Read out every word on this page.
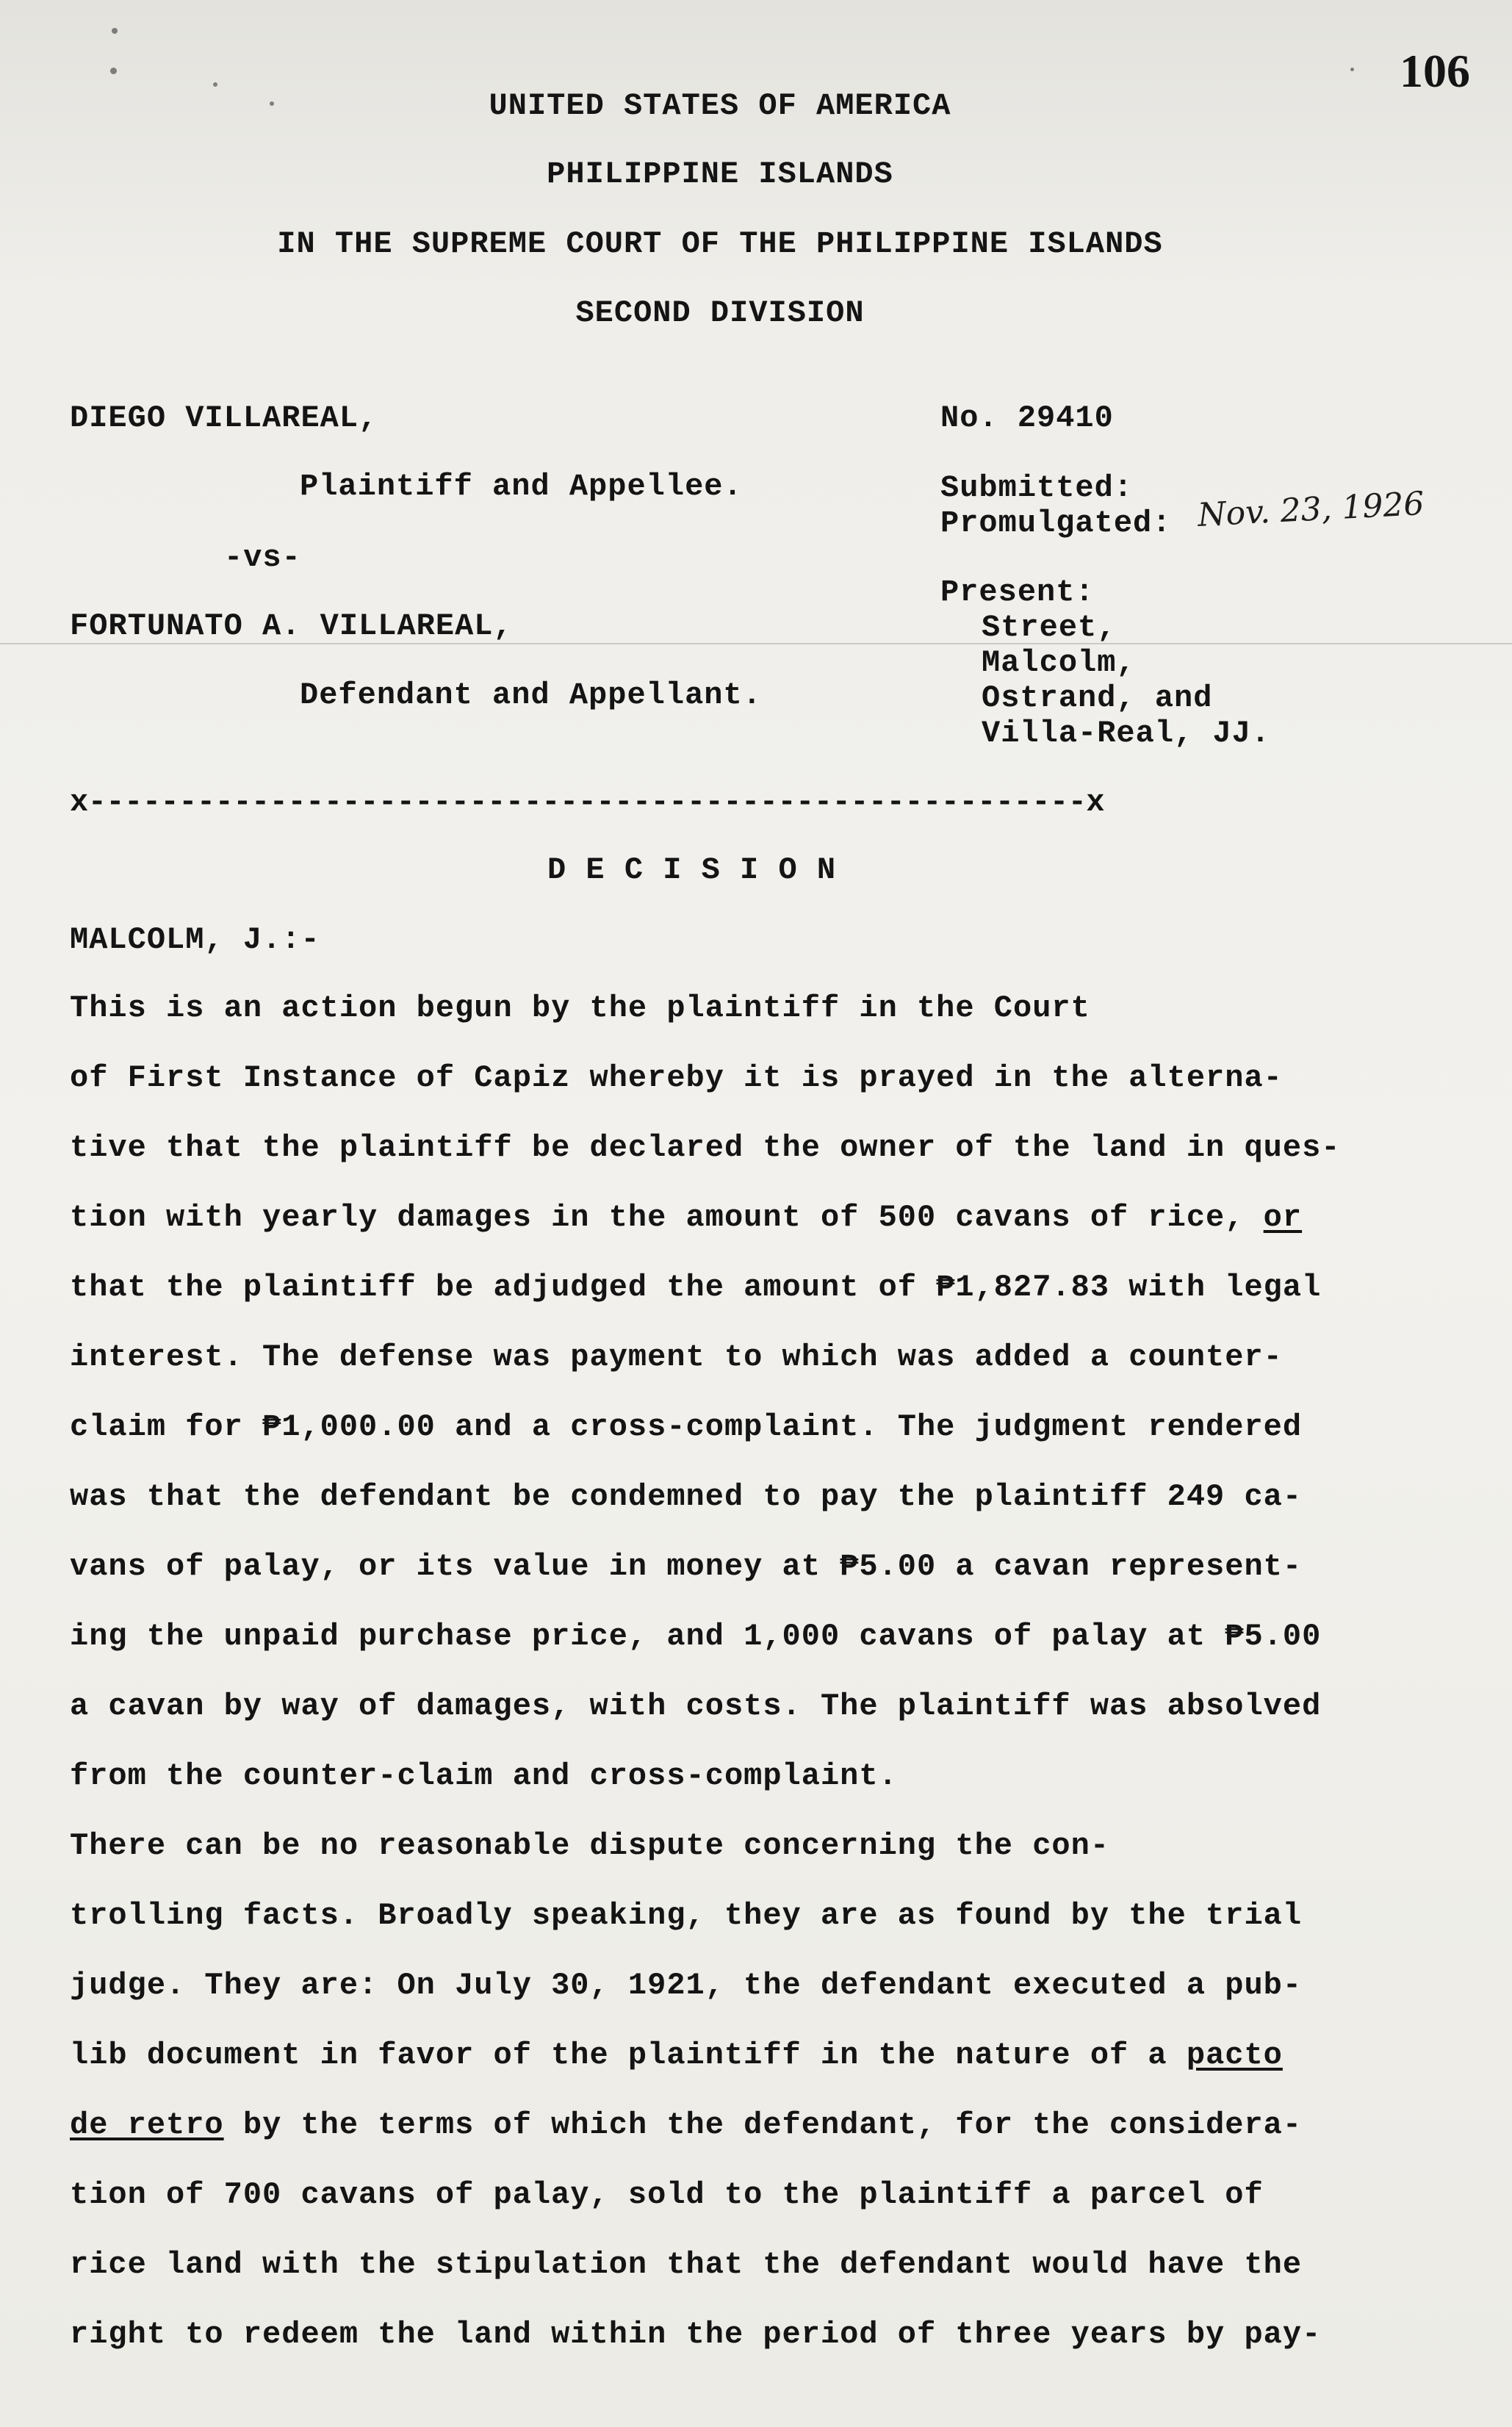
106
UNITED STATES OF AMERICA
PHILIPPINE ISLANDS
IN THE SUPREME COURT OF THE PHILIPPINE ISLANDS
SECOND DIVISION
DIEGO VILLAREAL,
Plaintiff and Appellee.
-vs-
FORTUNATO A. VILLAREAL,
Defendant and Appellant.
No. 29410
Submitted:
Promulgated: Nov. 23, 1926
Present:
Street,
Malcolm,
Ostrand, and
Villa-Real, JJ.
x-------------------------------------------------------x
D E C I S I O N
MALCOLM, J.:-
This is an action begun by the plaintiff in the Court
of First Instance of Capiz whereby it is prayed in the alterna-
tive that the plaintiff be declared the owner of the land in ques-
tion with yearly damages in the amount of 500 cavans of rice, or
that the plaintiff be adjudged the amount of ₱1,827.83 with legal
interest. The defense was payment to which was added a counter-
claim for ₱1,000.00 and a cross-complaint. The judgment rendered
was that the defendant be condemned to pay the plaintiff 249 ca-
vans of palay, or its value in money at ₱5.00 a cavan represent-
ing the unpaid purchase price, and 1,000 cavans of palay at ₱5.00
a cavan by way of damages, with costs. The plaintiff was absolved
from the counter-claim and cross-complaint.
There can be no reasonable dispute concerning the con-
trolling facts. Broadly speaking, they are as found by the trial
judge. They are: On July 30, 1921, the defendant executed a pub-
lib document in favor of the plaintiff in the nature of a pacto
de retro by the terms of which the defendant, for the considera-
tion of 700 cavans of palay, sold to the plaintiff a parcel of
rice land with the stipulation that the defendant would have the
right to redeem the land within the period of three years by pay-
